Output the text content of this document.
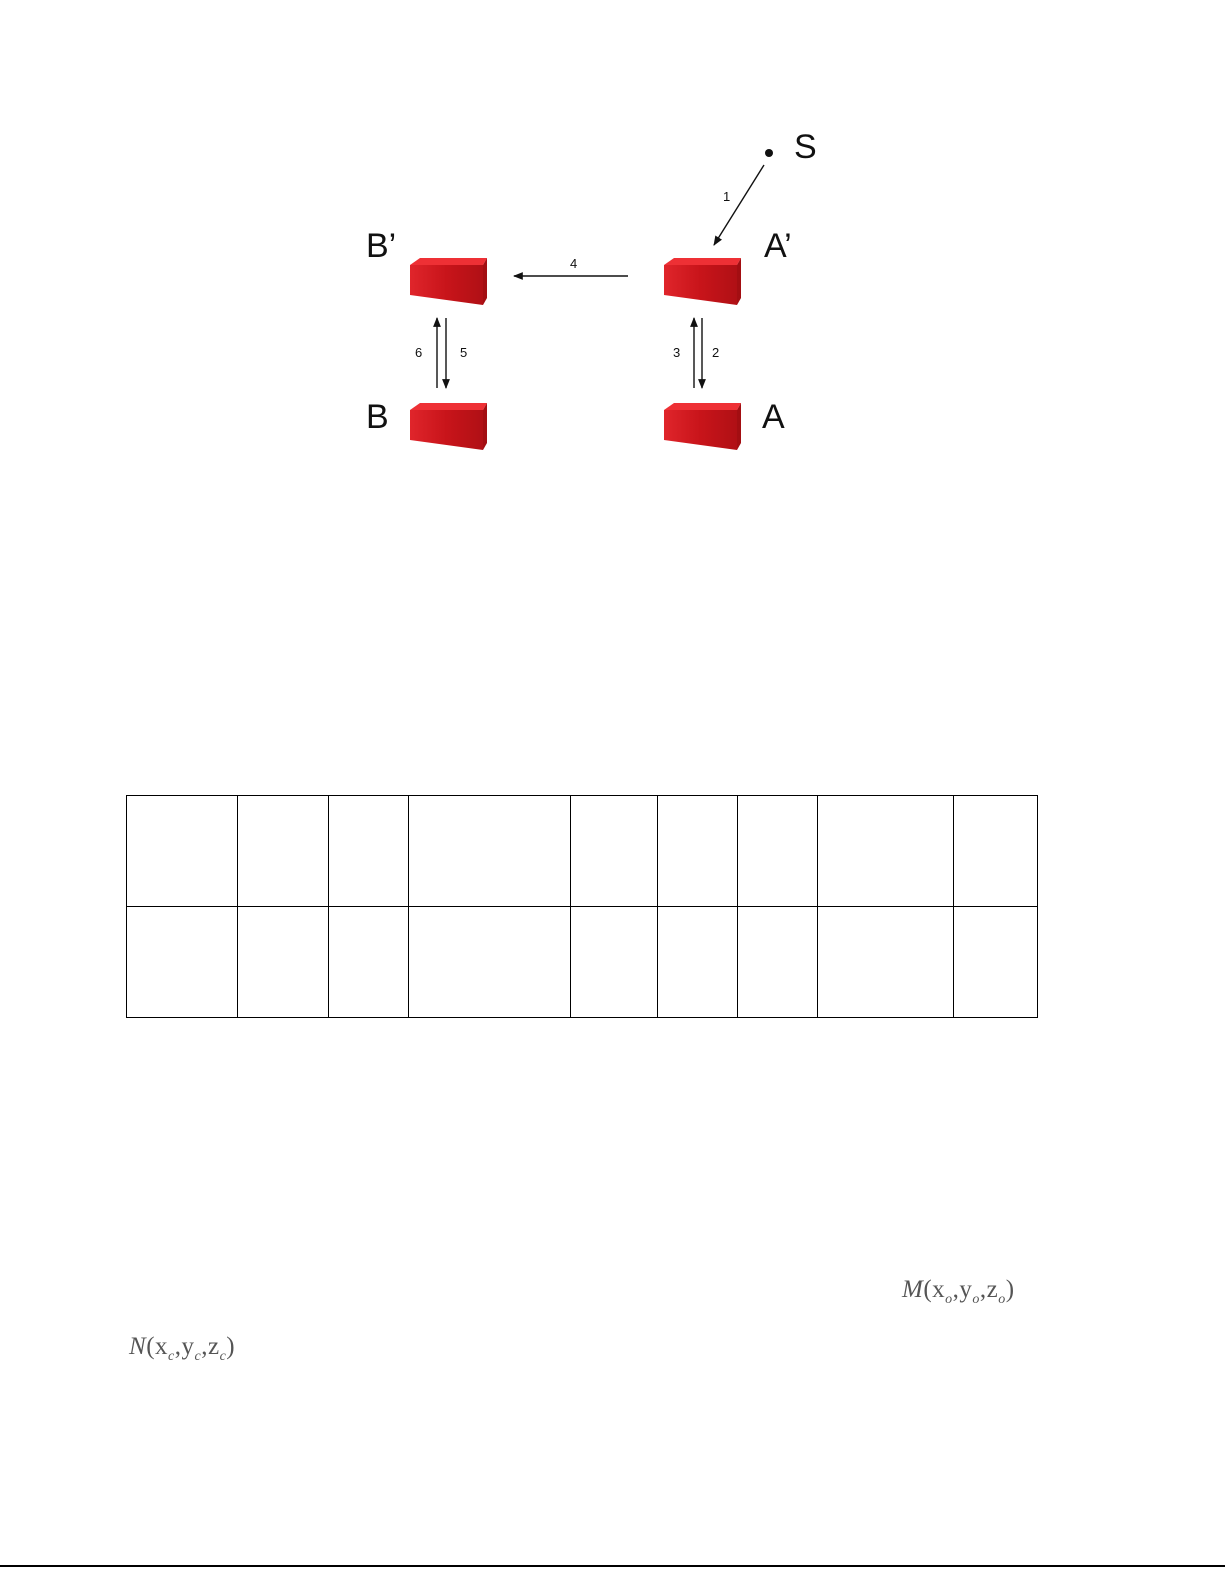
S
B’	A’
B	A
1
4
2
3
5
6

$M(x_o,y_o,z_o)$
$N(x_c,y_c,z_c)$
